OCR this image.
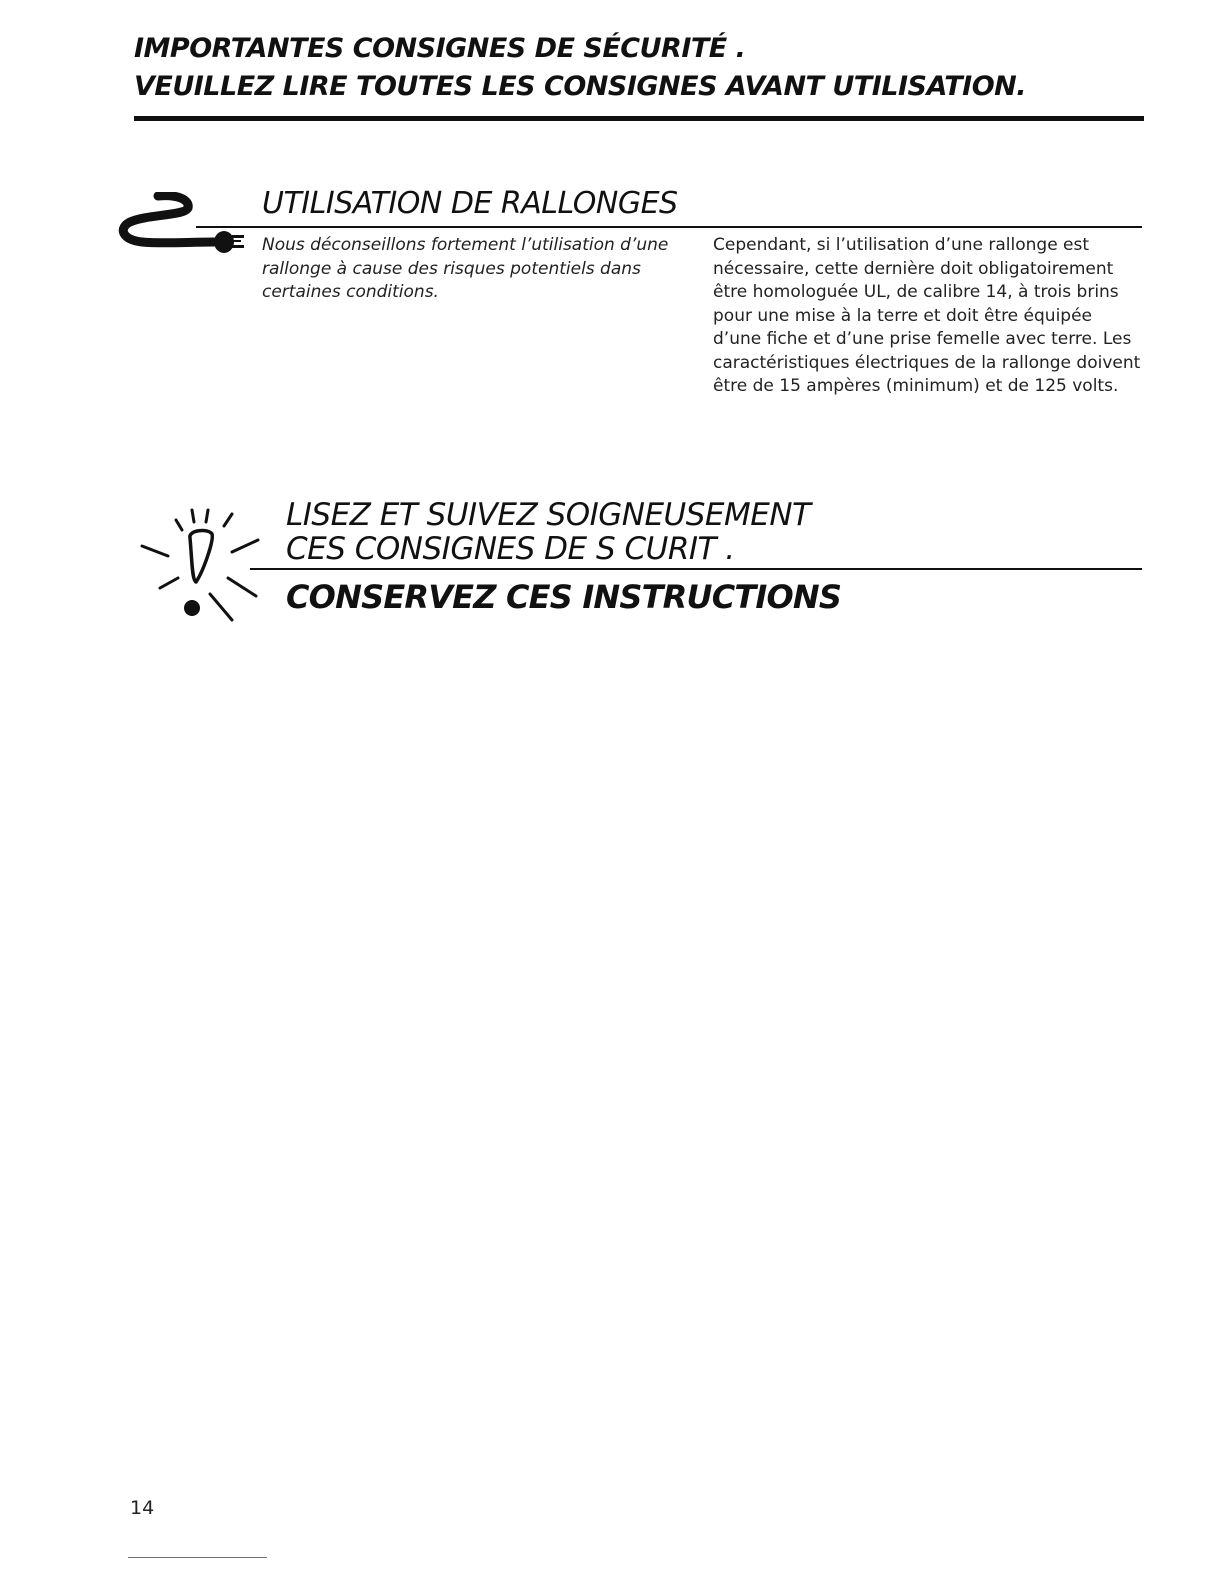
IMPORTANTES CONSIGNES DE SÉCURITÉ .
VEUILLEZ LIRE TOUTES LES CONSIGNES AVANT UTILISATION.
UTILISATION DE RALLONGES
Nous déconseillons fortement l’utilisation d’une rallonge à cause des risques potentiels dans certaines conditions.
Cependant, si l’utilisation d’une rallonge est nécessaire, cette dernière doit obligatoirement être homologuée UL, de calibre 14, à trois brins pour une mise à la terre et doit être équipée d’une fiche et d’une prise femelle avec terre. Les caractéristiques électriques de la rallonge doivent être de 15 ampères (minimum) et de 125 volts.
LISEZ ET SUIVEZ SOIGNEUSEMENT
CES CONSIGNES DE S CURIT .
CONSERVEZ CES INSTRUCTIONS
14
